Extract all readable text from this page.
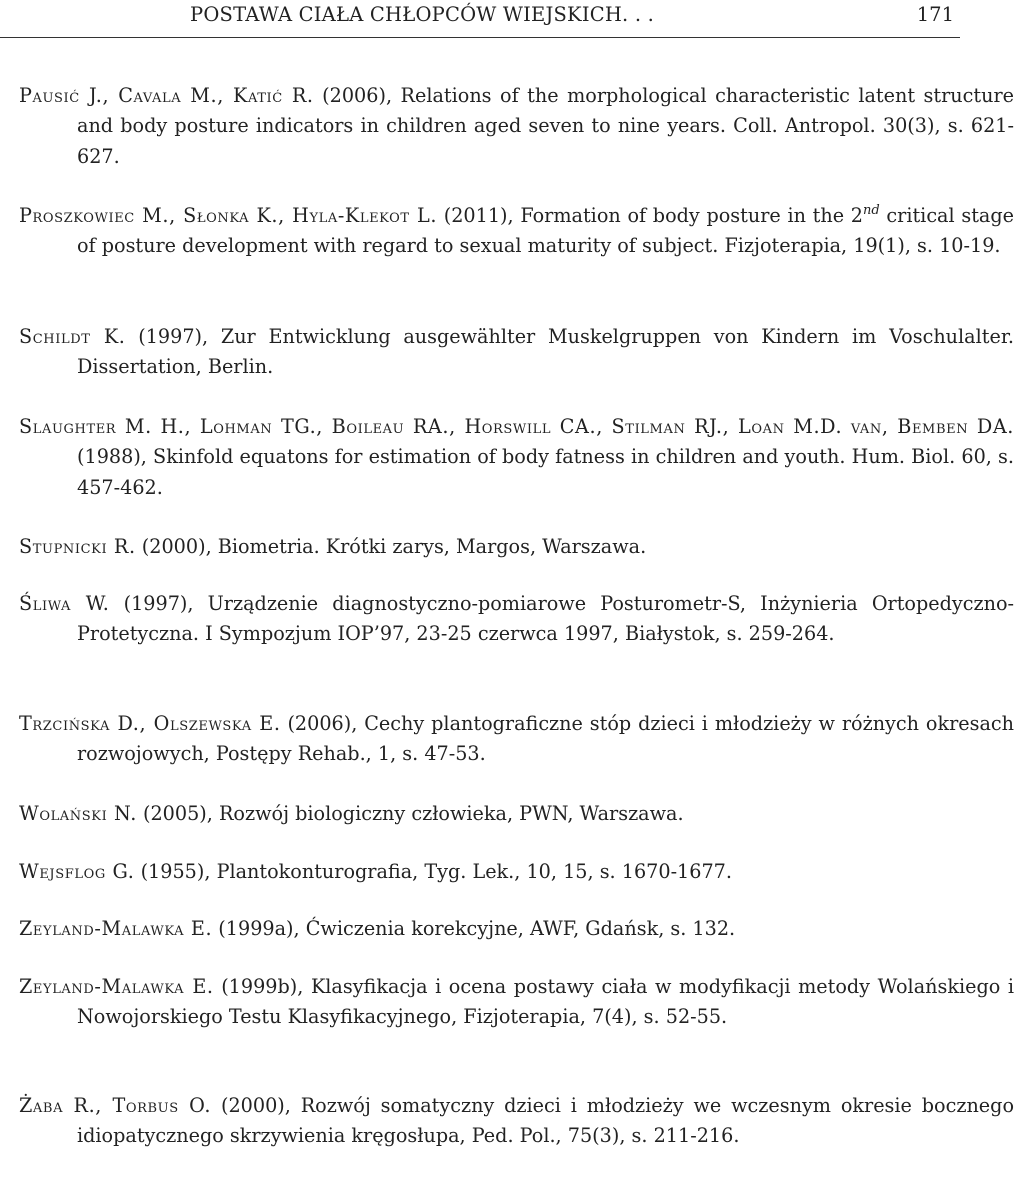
POSTAWA CIAŁA CHŁOPCÓW WIEJSKICH. . .	171
Pausić J., Cavala M., Katić R. (2006), Relations of the morphological characteristic latent structure and body posture indicators in children aged seven to nine years. Coll. Antropol. 30(3), s. 621-627.
Proszkowiec M., Słonka K., Hyla-Klekot L. (2011), Formation of body posture in the 2nd critical stage of posture development with regard to sexual maturity of subject. Fizjoterapia, 19(1), s. 10-19.
Schildt K. (1997), Zur Entwicklung ausgewählter Muskelgruppen von Kindern im Voschulalter. Dissertation, Berlin.
Slaughter M. H., Lohman TG., Boileau RA., Horswill CA., Stilman RJ., Loan M.D. van, Bemben DA. (1988), Skinfold equatons for estimation of body fatness in children and youth. Hum. Biol. 60, s. 457-462.
Stupnicki R. (2000), Biometria. Krótki zarys, Margos, Warszawa.
Śliwa W. (1997), Urządzenie diagnostyczno-pomiarowe Posturometr-S, Inżynieria Ortopedyczno-Protetyczna. I Sympozjum IOP’97, 23-25 czerwca 1997, Białystok, s. 259-264.
Trzcińska D., Olszewska E. (2006), Cechy plantograficzne stóp dzieci i młodzieży w różnych okresach rozwojowych, Postępy Rehab., 1, s. 47-53.
Wolański N. (2005), Rozwój biologiczny człowieka, PWN, Warszawa.
Wejsflog G. (1955), Plantokonturografia, Tyg. Lek., 10, 15, s. 1670-1677.
Zeyland-Malawka E. (1999a), Ćwiczenia korekcyjne, AWF, Gdańsk, s. 132.
Zeyland-Malawka E. (1999b), Klasyfikacja i ocena postawy ciała w modyfikacji metody Wolańskiego i Nowojorskiego Testu Klasyfikacyjnego, Fizjoterapia, 7(4), s. 52-55.
Żaba R., Torbus O. (2000), Rozwój somatyczny dzieci i młodzieży we wczesnym okresie bocznego idiopatycznego skrzywienia kręgosłupa, Ped. Pol., 75(3), s. 211-216.
